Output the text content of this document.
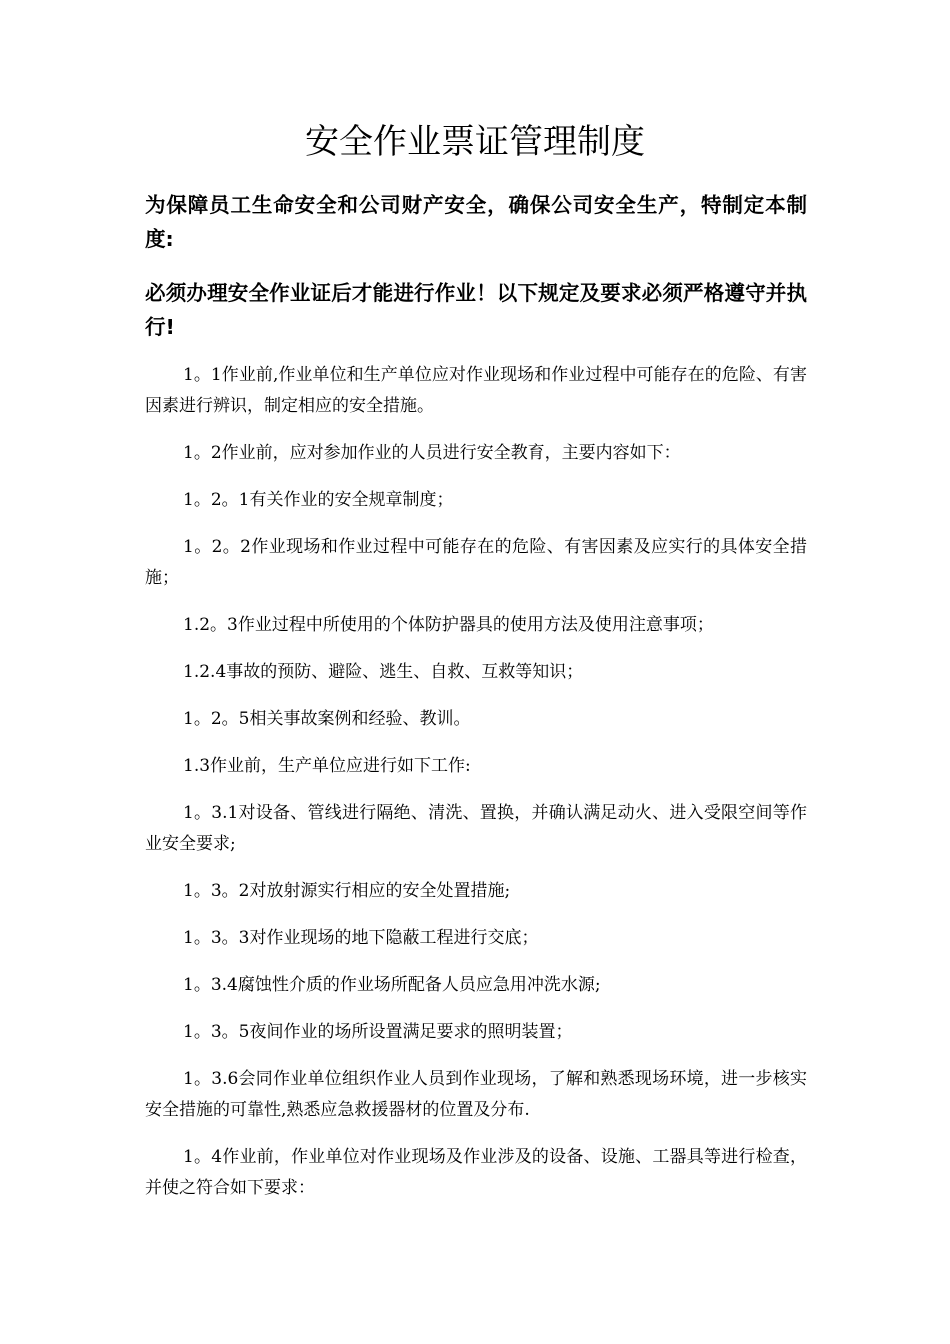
安全作业票证管理制度

为保障员工生命安全和公司财产安全，确保公司安全生产，特制定本制度:

必须办理安全作业证后才能进行作业！以下规定及要求必须严格遵守并执行!

1。1作业前,作业单位和生产单位应对作业现场和作业过程中可能存在的危险、有害因素进行辨识，制定相应的安全措施。

1。2作业前，应对参加作业的人员进行安全教育，主要内容如下：

1。2。1有关作业的安全规章制度；

1。2。2作业现场和作业过程中可能存在的危险、有害因素及应实行的具体安全措施；

1.2。3作业过程中所使用的个体防护器具的使用方法及使用注意事项；

1.2.4事故的预防、避险、逃生、自救、互救等知识；

1。2。5相关事故案例和经验、教训。

1.3作业前，生产单位应进行如下工作:

1。3.1对设备、管线进行隔绝、清洗、置换，并确认满足动火、进入受限空间等作业安全要求;

1。3。2对放射源实行相应的安全处置措施;

1。3。3对作业现场的地下隐蔽工程进行交底；

1。3.4腐蚀性介质的作业场所配备人员应急用冲洗水源;

1。3。5夜间作业的场所设置满足要求的照明装置；

1。3.6会同作业单位组织作业人员到作业现场，了解和熟悉现场环境，进一步核实安全措施的可靠性,熟悉应急救援器材的位置及分布.

1。4作业前，作业单位对作业现场及作业涉及的设备、设施、工器具等进行检查，并使之符合如下要求：
